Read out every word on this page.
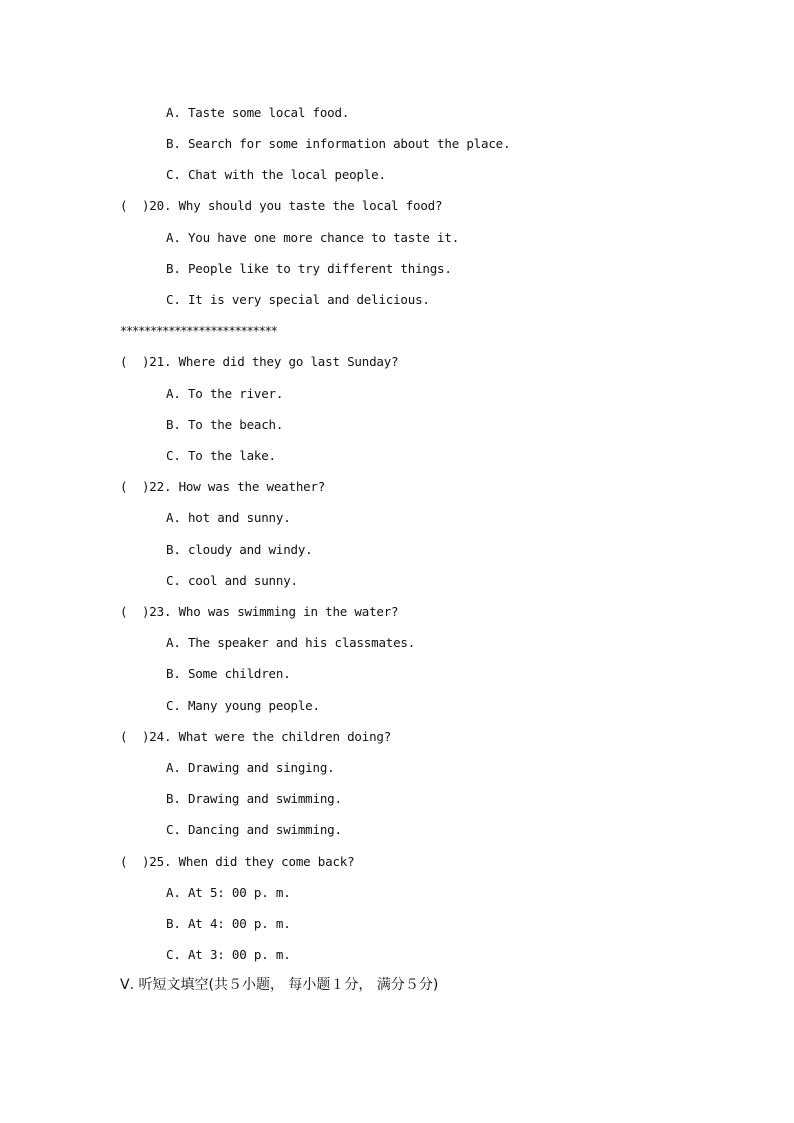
A. Taste some local food.
B. Search for some information about the place.
C. Chat with the local people.
(  )20. Why should you taste the local food?
A. You have one more chance to taste it.
B. People like to try different things.
C. It is very special and delicious.
**************************
(  )21. Where did they go last Sunday?
A. To the river.
B. To the beach.
C. To the lake.
(  )22. How was the weather?
A. hot and sunny.
B. cloudy and windy.
C. cool and sunny.
(  )23. Who was swimming in the water?
A. The speaker and his classmates.
B. Some children.
C. Many young people.
(  )24. What were the children doing?
A. Drawing and singing.
B. Drawing and swimming.
C. Dancing and swimming.
(  )25. When did they come back?
A. At 5: 00 p. m.
B. At 4: 00 p. m.
C. At 3: 00 p. m.
Ⅴ. 听短文填空(共５小题， 每小题１分， 满分５分)
